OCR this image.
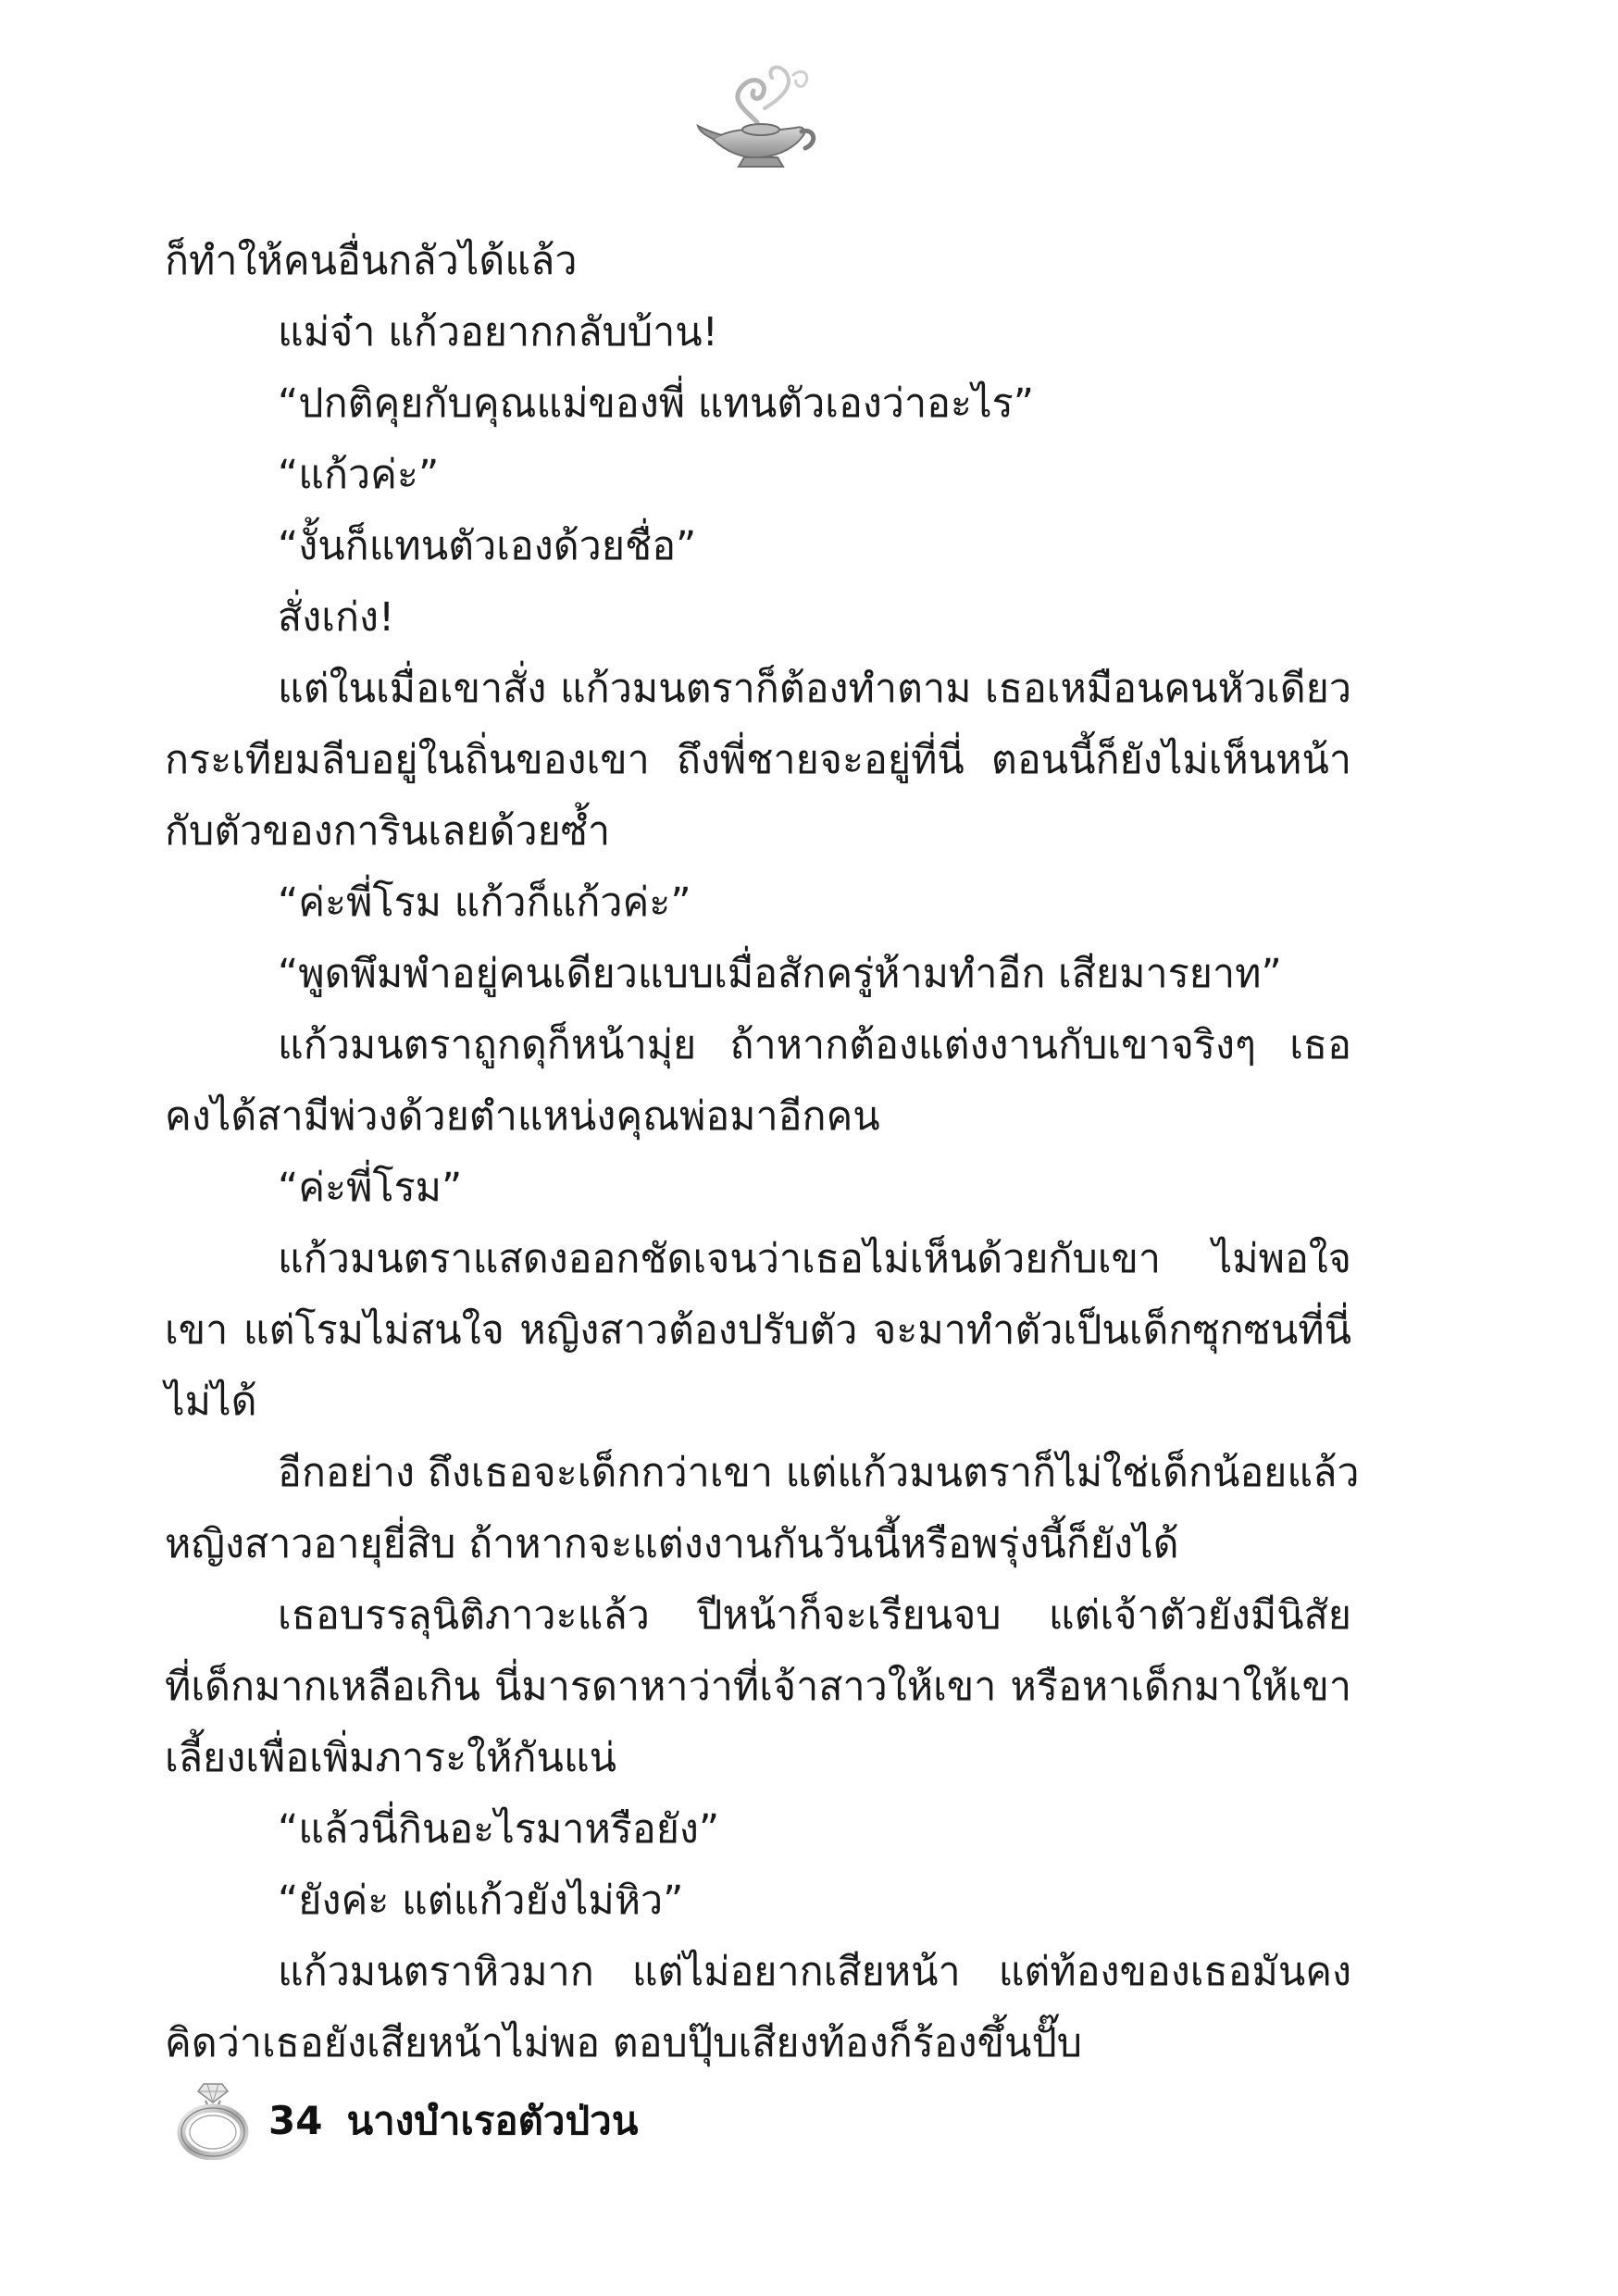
ก็ทำให้คนอื่นกลัวได้แล้ว
แม่จ๋า แก้วอยากกลับบ้าน!
“ปกติคุยกับคุณแม่ของพี่ แทนตัวเองว่าอะไร”
“แก้วค่ะ”
“งั้นก็แทนตัวเองด้วยชื่อ”
สั่งเก่ง!
แต่ในเมื่อเขาสั่ง แก้วมนตราก็ต้องทำตาม เธอเหมือนคนหัวเดียว
กระเทียมลีบอยู่ในถิ่นของเขา ถึงพี่ชายจะอยู่ที่นี่ ตอนนี้ก็ยังไม่เห็นหน้า
กับตัวของการินเลยด้วยซ้ำ
“ค่ะพี่โรม แก้วก็แก้วค่ะ”
“พูดพึมพำอยู่คนเดียวแบบเมื่อสักครู่ห้ามทำอีก เสียมารยาท”
แก้วมนตราถูกดุก็หน้ามุ่ย ถ้าหากต้องแต่งงานกับเขาจริงๆ เธอ
คงได้สามีพ่วงด้วยตำแหน่งคุณพ่อมาอีกคน
“ค่ะพี่โรม”
แก้วมนตราแสดงออกชัดเจนว่าเธอไม่เห็นด้วยกับเขา ไม่พอใจ
เขา แต่โรมไม่สนใจ หญิงสาวต้องปรับตัว จะมาทำตัวเป็นเด็กซุกซนที่นี่
ไม่ได้
อีกอย่าง ถึงเธอจะเด็กกว่าเขา แต่แก้วมนตราก็ไม่ใช่เด็กน้อยแล้ว
หญิงสาวอายุยี่สิบ ถ้าหากจะแต่งงานกันวันนี้หรือพรุ่งนี้ก็ยังได้
เธอบรรลุนิติภาวะแล้ว ปีหน้าก็จะเรียนจบ แต่เจ้าตัวยังมีนิสัย
ที่เด็กมากเหลือเกิน นี่มารดาหาว่าที่เจ้าสาวให้เขา หรือหาเด็กมาให้เขา
เลี้ยงเพื่อเพิ่มภาระให้กันแน่
“แล้วนี่กินอะไรมาหรือยัง”
“ยังค่ะ แต่แก้วยังไม่หิว”
แก้วมนตราหิวมาก แต่ไม่อยากเสียหน้า แต่ท้องของเธอมันคง
คิดว่าเธอยังเสียหน้าไม่พอ ตอบปุ๊บเสียงท้องก็ร้องขึ้นปั๊บ
34 นางบำเรอตัวป่วน
